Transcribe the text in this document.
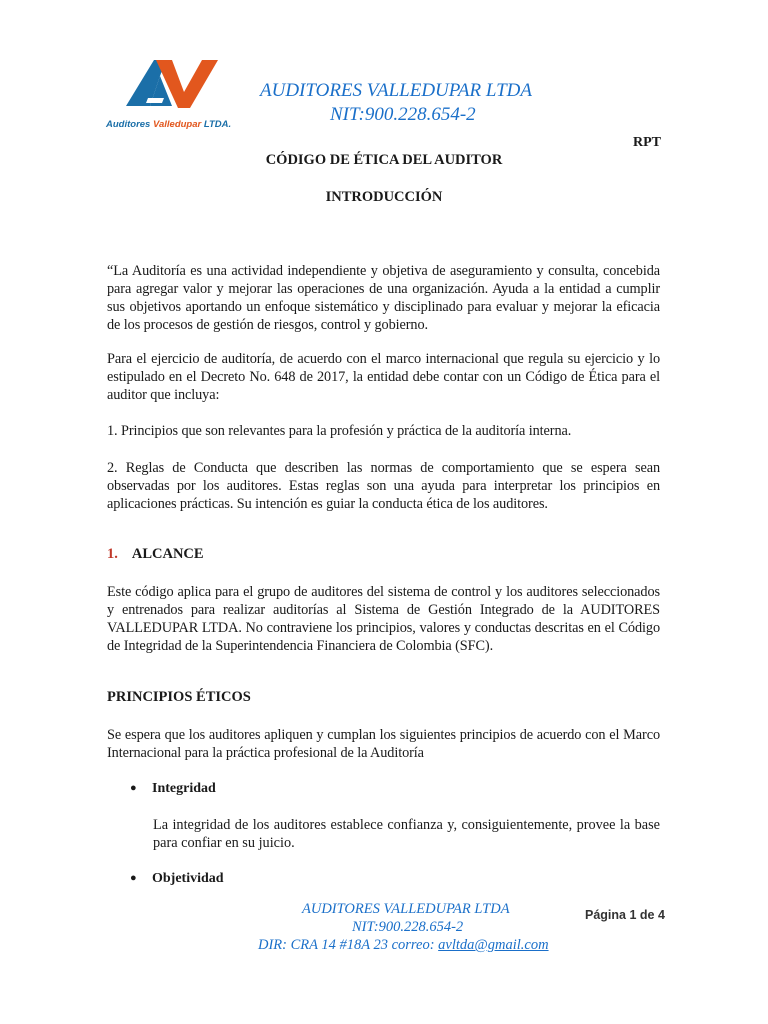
Auditores Valledupar LTDA.
AUDITORES VALLEDUPAR LTDA
NIT:900.228.654-2
RPT
CÓDIGO DE ÉTICA DEL AUDITOR
INTRODUCCIÓN
“La Auditoría es una actividad independiente y objetiva de aseguramiento y consulta, concebida para agregar valor y mejorar las operaciones de una organización. Ayuda a la entidad a cumplir sus objetivos aportando un enfoque sistemático y disciplinado para evaluar y mejorar la eficacia de los procesos de gestión de riesgos, control y gobierno.
Para el ejercicio de auditoría, de acuerdo con el marco internacional que regula su ejercicio y lo estipulado en el Decreto No. 648 de 2017, la entidad debe contar con un Código de Ética para el auditor que incluya:
1. Principios que son relevantes para la profesión y práctica de la auditoría interna.
2. Reglas de Conducta que describen las normas de comportamiento que se espera sean observadas por los auditores. Estas reglas son una ayuda para interpretar los principios en aplicaciones prácticas. Su intención es guiar la conducta ética de los auditores.
1. ALCANCE
Este código aplica para el grupo de auditores del sistema de control y los auditores seleccionados y entrenados para realizar auditorías al Sistema de Gestión Integrado de la AUDITORES VALLEDUPAR LTDA. No contraviene los principios, valores y conductas descritas en el Código de Integridad de la Superintendencia Financiera de Colombia (SFC).
PRINCIPIOS ÉTICOS
Se espera que los auditores apliquen y cumplan los siguientes principios de acuerdo con el Marco Internacional para la práctica profesional de la Auditoría
● Integridad
La integridad de los auditores establece confianza y, consiguientemente, provee la base para confiar en su juicio.
● Objetividad
AUDITORES VALLEDUPAR LTDA
NIT:900.228.654-2
DIR: CRA 14 #18A 23 correo: avltda@gmail.com
Página 1 de 4
